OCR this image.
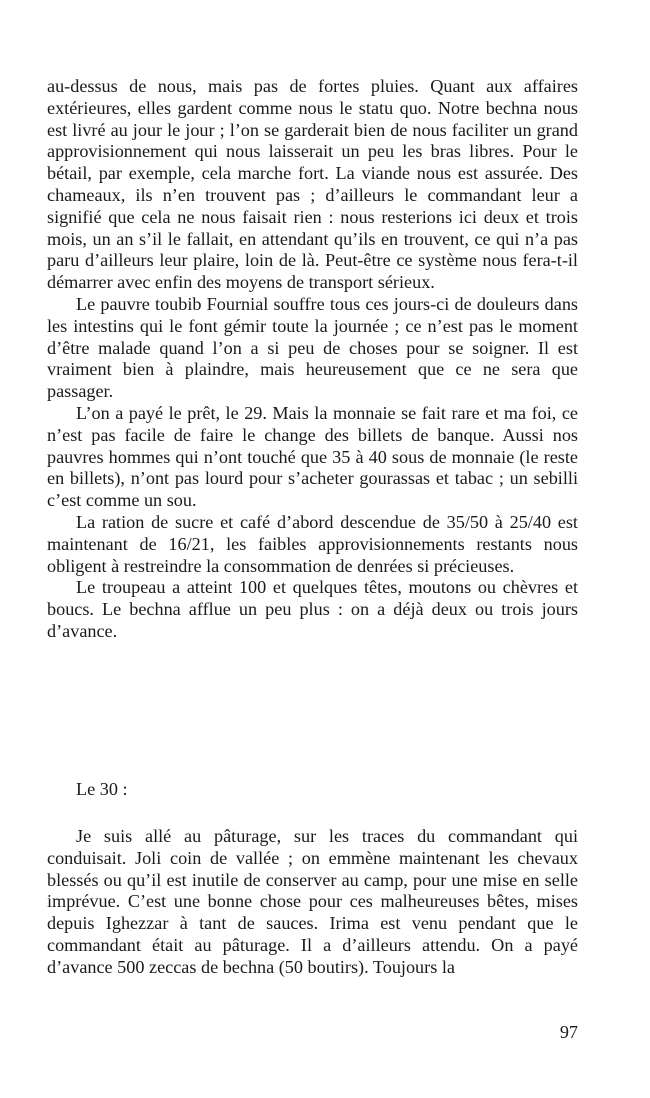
au-dessus de nous, mais pas de fortes pluies. Quant aux affaires extérieures, elles gardent comme nous le statu quo. Notre bechna nous est livré au jour le jour ; l’on se garderait bien de nous faciliter un grand approvisionnement qui nous laisserait un peu les bras libres. Pour le bétail, par exemple, cela marche fort. La viande nous est assurée. Des chameaux, ils n’en trouvent pas ; d’ailleurs le commandant leur a signifié que cela ne nous faisait rien : nous resterions ici deux et trois mois, un an s’il le fallait, en attendant qu’ils en trouvent, ce qui n’a pas paru d’ailleurs leur plaire, loin de là. Peut-être ce système nous fera-t-il démarrer avec enfin des moyens de transport sérieux.

Le pauvre toubib Fournial souffre tous ces jours-ci de douleurs dans les intestins qui le font gémir toute la journée ; ce n’est pas le moment d’être malade quand l’on a si peu de choses pour se soigner. Il est vraiment bien à plaindre, mais heureusement que ce ne sera que passager.

L’on a payé le prêt, le 29. Mais la monnaie se fait rare et ma foi, ce n’est pas facile de faire le change des billets de banque. Aussi nos pauvres hommes qui n’ont touché que 35 à 40 sous de monnaie (le reste en billets), n’ont pas lourd pour s’acheter gourassas et tabac ; un sebilli c’est comme un sou.

La ration de sucre et café d’abord descendue de 35/50 à 25/40 est maintenant de 16/21, les faibles approvisionnements restants nous obligent à restreindre la consommation de denrées si précieuses.

Le troupeau a atteint 100 et quelques têtes, moutons ou chèvres et boucs. Le bechna afflue un peu plus : on a déjà deux ou trois jours d’avance.

Le 30 :

Je suis allé au pâturage, sur les traces du commandant qui conduisait. Joli coin de vallée ; on emmène maintenant les chevaux blessés ou qu’il est inutile de conserver au camp, pour une mise en selle imprévue. C’est une bonne chose pour ces malheureuses bêtes, mises depuis Ighezzar à tant de sauces. Irima est venu pendant que le commandant était au pâturage. Il a d’ailleurs attendu. On a payé d’avance 500 zeccas de bechna (50 boutirs). Toujours la

97
